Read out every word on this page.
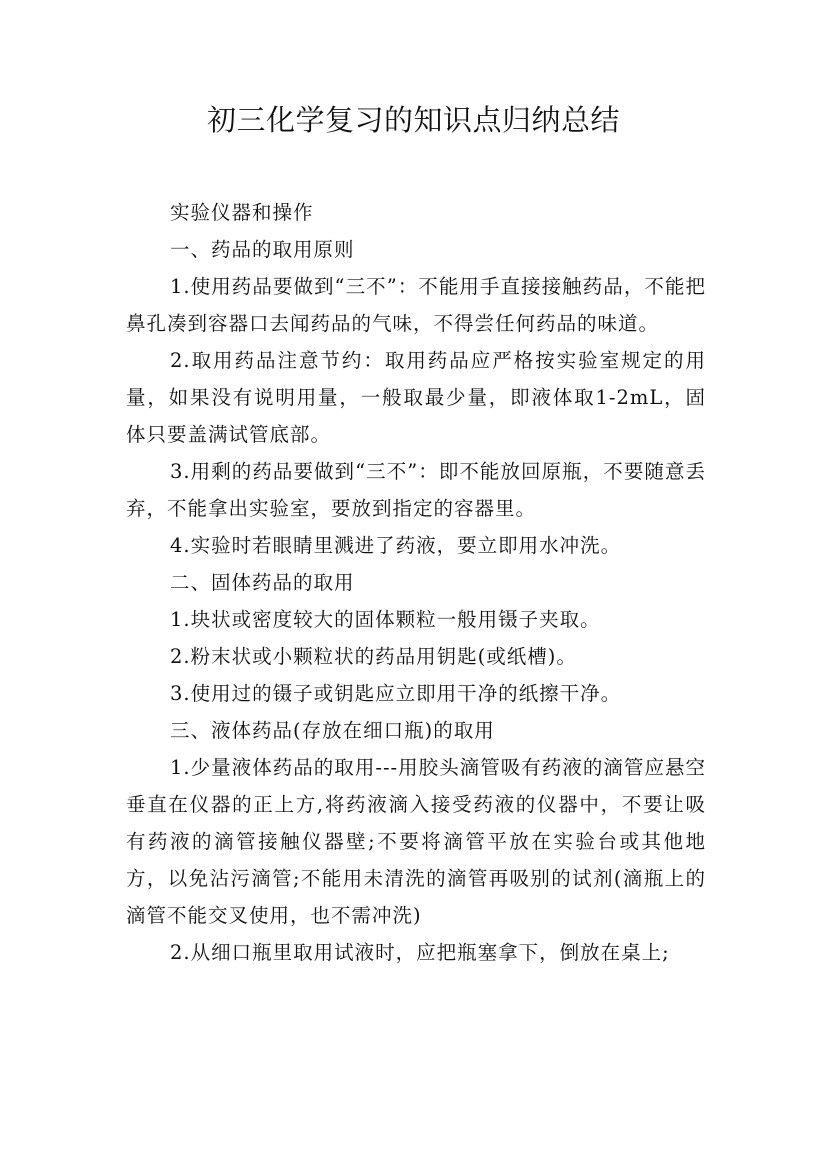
初三化学复习的知识点归纳总结

实验仪器和操作

一、药品的取用原则

1.使用药品要做到“三不”：不能用手直接接触药品，不能把鼻孔凑到容器口去闻药品的气味，不得尝任何药品的味道。

2.取用药品注意节约：取用药品应严格按实验室规定的用量，如果没有说明用量，一般取最少量，即液体取1-2mL，固体只要盖满试管底部。

3.用剩的药品要做到“三不”：即不能放回原瓶，不要随意丢弃，不能拿出实验室，要放到指定的容器里。

4.实验时若眼睛里溅进了药液，要立即用水冲洗。

二、固体药品的取用

1.块状或密度较大的固体颗粒一般用镊子夹取。

2.粉末状或小颗粒状的药品用钥匙(或纸槽)。

3.使用过的镊子或钥匙应立即用干净的纸擦干净。

三、液体药品(存放在细口瓶)的取用

1.少量液体药品的取用---用胶头滴管吸有药液的滴管应悬空垂直在仪器的正上方,将药液滴入接受药液的仪器中，不要让吸有药液的滴管接触仪器壁;不要将滴管平放在实验台或其他地方，以免沾污滴管;不能用未清洗的滴管再吸别的试剂(滴瓶上的滴管不能交叉使用，也不需冲洗)

2.从细口瓶里取用试液时，应把瓶塞拿下，倒放在桌上;
